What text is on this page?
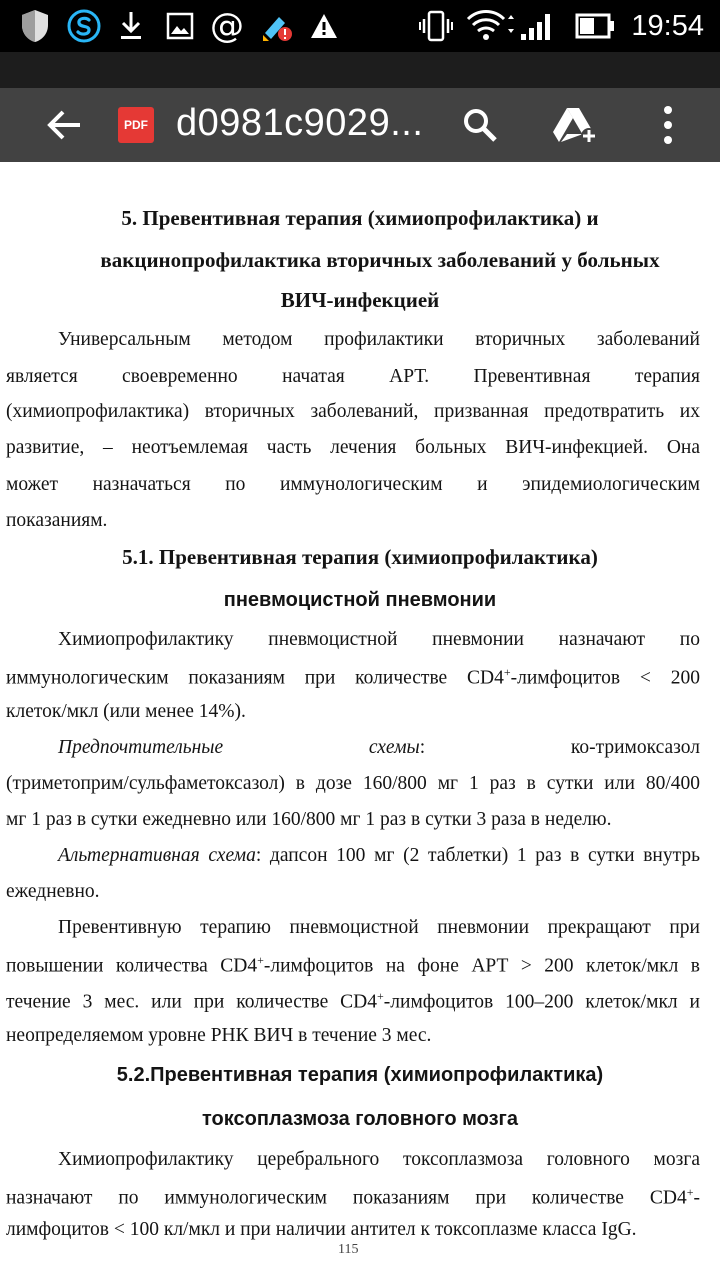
@	19:54
PDF d0981c9029...
5. Превентивная терапия (химиопрофилактика) и
вакцинопрофилактика вторичных заболеваний у больных
ВИЧ-инфекцией
Универсальным методом профилактики вторичных заболеваний
является своевременно начатая АРТ. Превентивная терапия
(химиопрофилактика) вторичных заболеваний, призванная предотвратить их
развитие, – неотъемлемая часть лечения больных ВИЧ-инфекцией. Она
может назначаться по иммунологическим и эпидемиологическим
показаниям.
5.1. Превентивная терапия (химиопрофилактика)
пневмоцистной пневмонии
Химиопрофилактику пневмоцистной пневмонии назначают по
иммунологическим показаниям при количестве CD4+-лимфоцитов < 200
клеток/мкл (или менее 14%).
Предпочтительные схемы: ко-тримоксазол
(триметоприм/сульфаметоксазол) в дозе 160/800 мг 1 раз в сутки или 80/400
мг 1 раз в сутки ежедневно или 160/800 мг 1 раз в сутки 3 раза в неделю.
Альтернативная схема: дапсон 100 мг (2 таблетки) 1 раз в сутки внутрь
ежедневно.
Превентивную терапию пневмоцистной пневмонии прекращают при
повышении количества CD4+-лимфоцитов на фоне АРТ > 200 клеток/мкл в
течение 3 мес. или при количестве CD4+-лимфоцитов 100–200 клеток/мкл и
неопределяемом уровне РНК ВИЧ в течение 3 мес.
5.2.Превентивная терапия (химиопрофилактика)
токсоплазмоза головного мозга
Химиопрофилактику церебрального токсоплазмоза головного мозга
назначают по иммунологическим показаниям при количестве CD4+-
лимфоцитов < 100 кл/мкл и при наличии антител к токсоплазме класса IgG.
115
